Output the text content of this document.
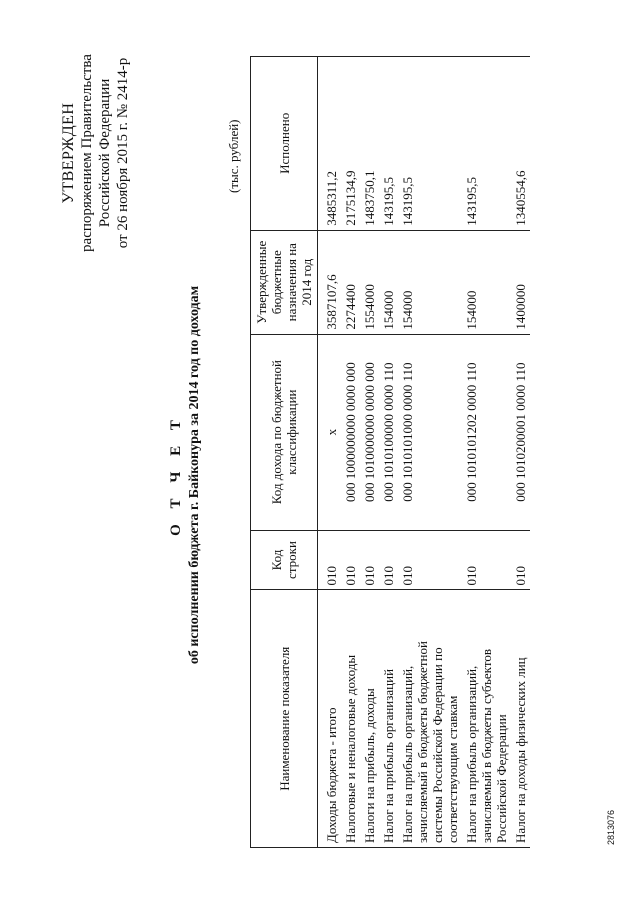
УТВЕРЖДЕН распоряжением Правительства Российской Федерации от 26 ноября 2015 г. № 2414-р
О Т Ч Е Т об исполнении бюджета г. Байконура за 2014 год по доходам
(тыс. рублей)
Наименование показателя	Код строки	Код дохода по бюджетной классификации	Утвержденные бюджетные назначения на 2014 год	Исполнено
Доходы бюджета - итого	010	x	3587107,6	3485311,2
Налоговые и неналоговые доходы	010	000 1000000000 0000 000	2274400	2175134,9
Налоги на прибыль, доходы	010	000 1010000000 0000 000	1554000	1483750,1
Налог на прибыль организаций	010	000 1010100000 0000 110	154000	143195,5
Налог на прибыль организаций, зачисляемый в бюджеты бюджетной системы Российской Федерации по соответствующим ставкам	010	000 1010101000 0000 110	154000	143195,5
Налог на прибыль организаций, зачисляемый в бюджеты субъектов Российской Федерации	010	000 1010101202 0000 110	154000	143195,5
Налог на доходы физических лиц	010	000 1010200001 0000 110	1400000	1340554,6
2813076
